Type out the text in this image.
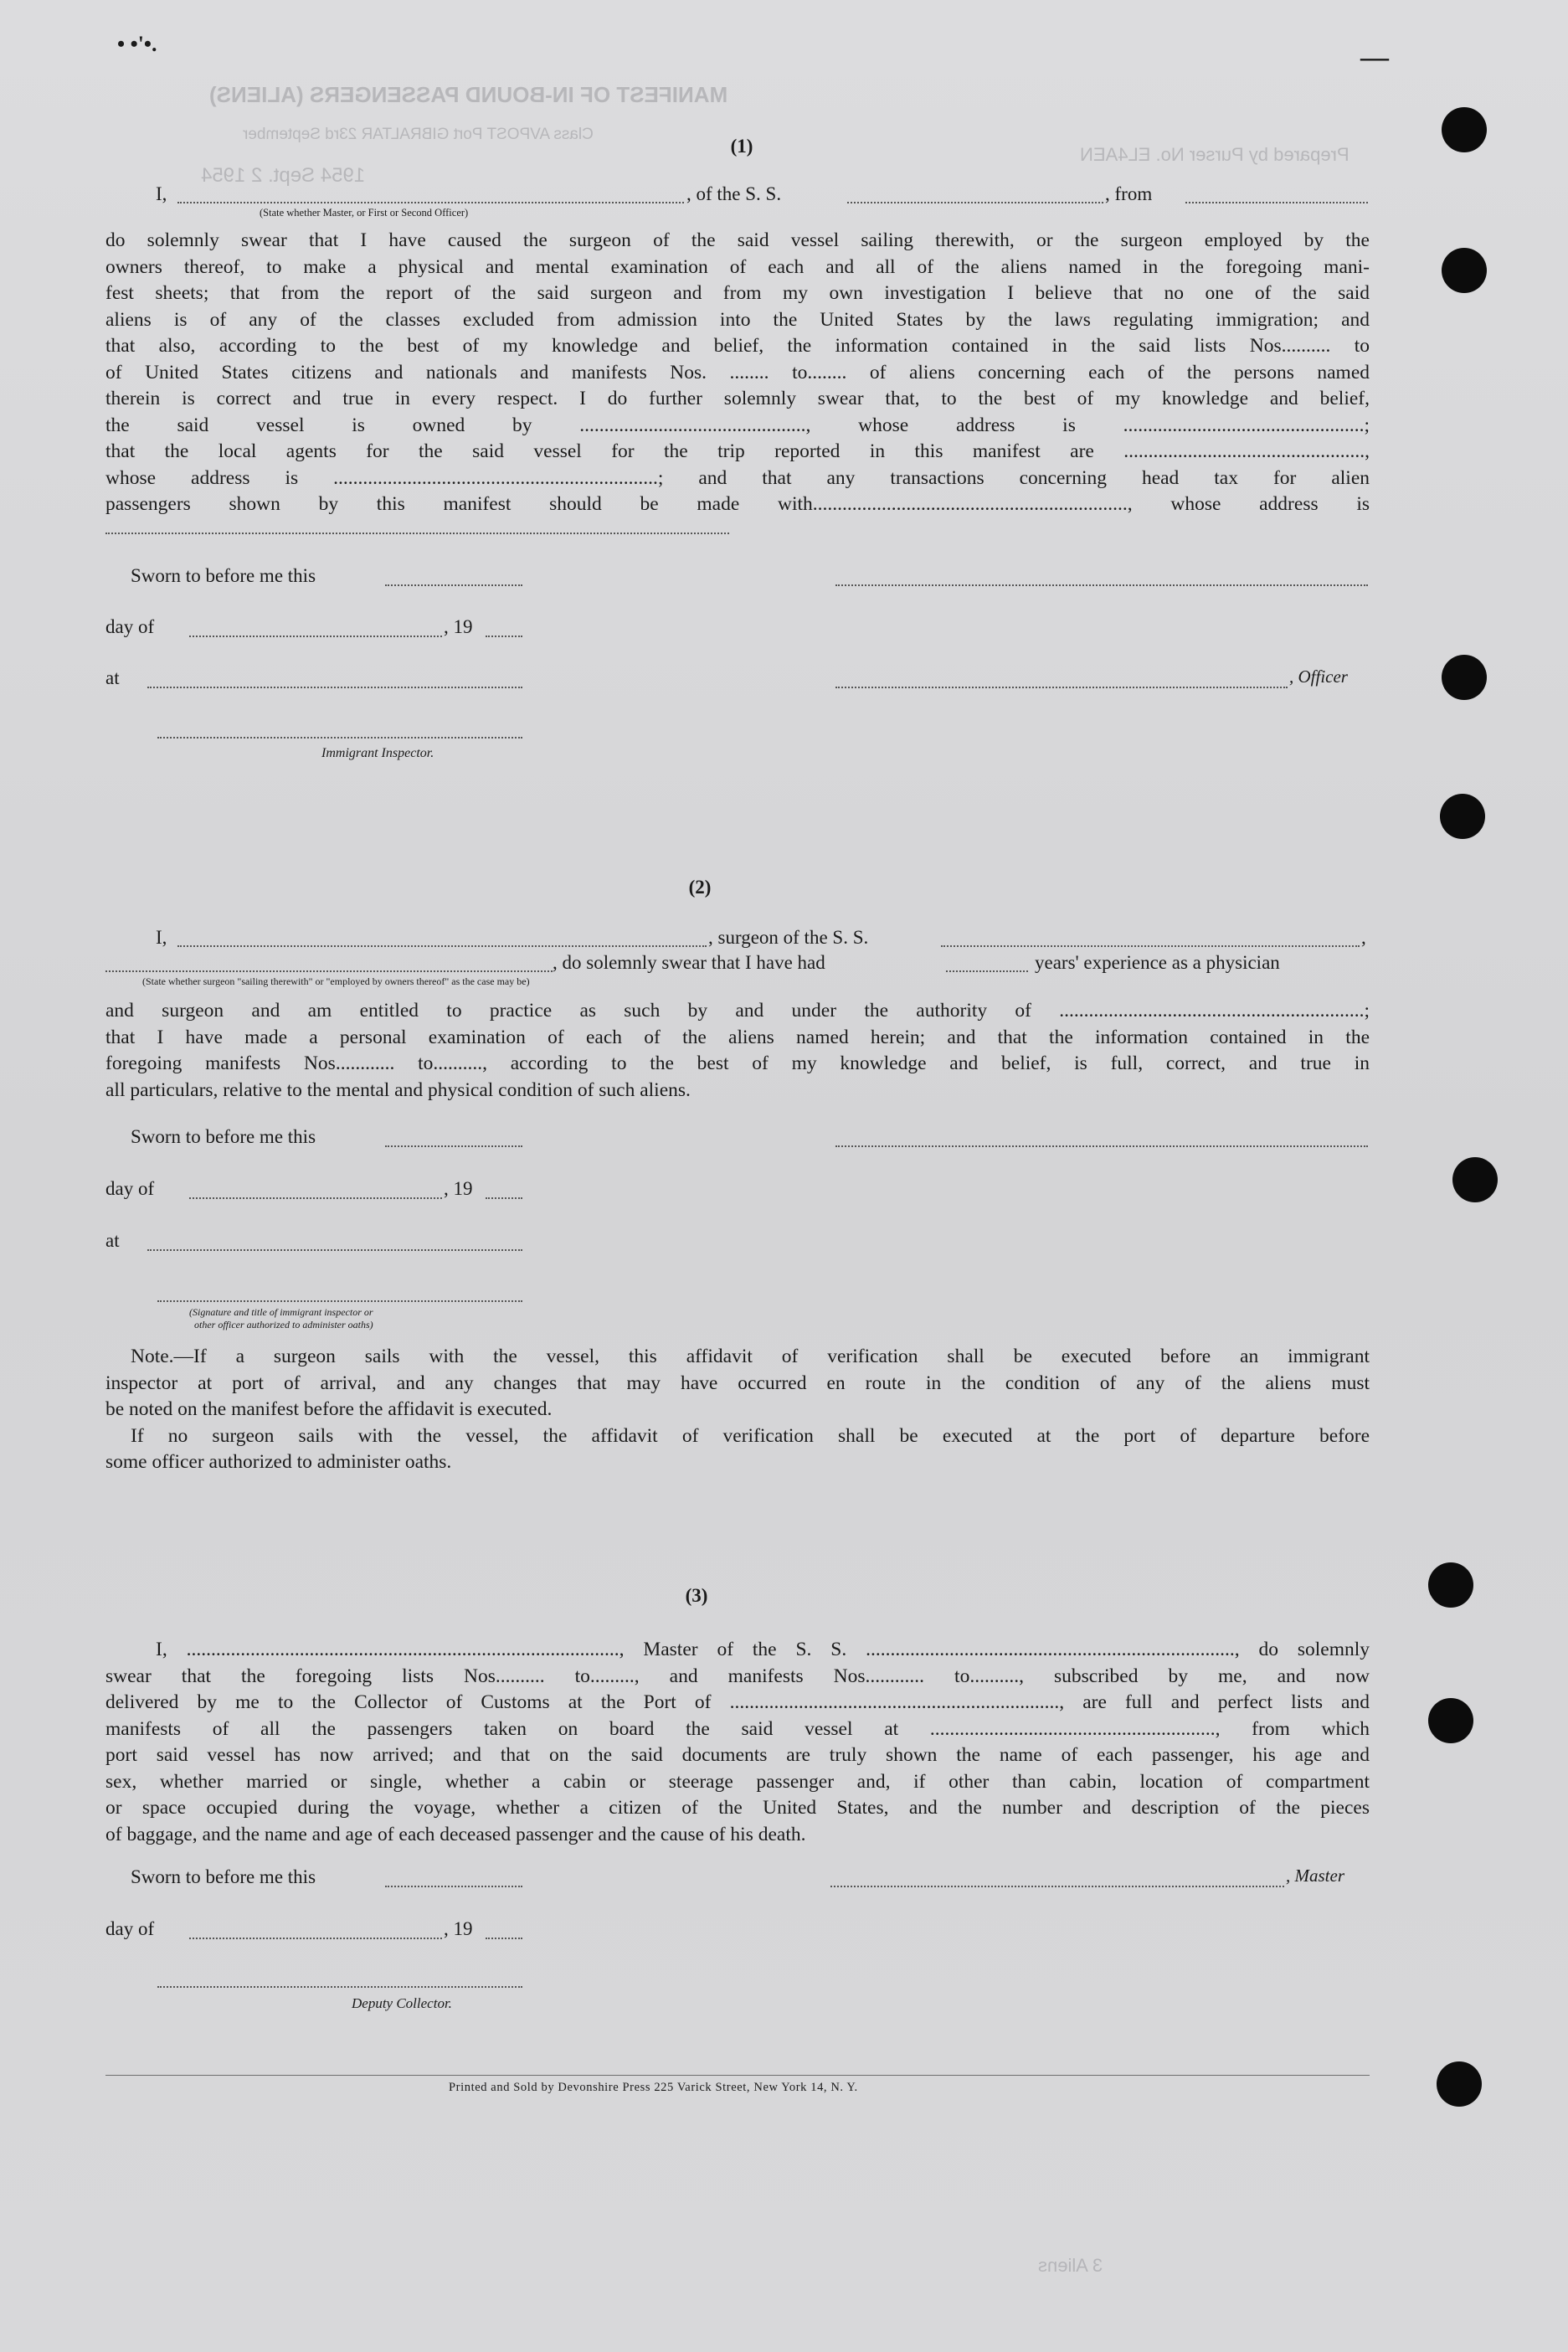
MANIFEST OF IN-BOUND PASSENGERS (ALIENS)
Class AVPOST Port GIBRALTAR 23rd September
Prepared by Purser No. EL4AEN
1954 Sept. 2 1954
3 Aliens
• •'•.	—
(1)
I,	, of the S. S.	, from
(State whether Master, or First or Second Officer)
do solemnly swear that I have caused the surgeon of the said vessel sailing therewith, or the surgeon employed by the
owners thereof, to make a physical and mental examination of each and all of the aliens named in the foregoing mani-
fest sheets; that from the report of the said surgeon and from my own investigation I believe that no one of the said
aliens is of any of the classes excluded from admission into the United States by the laws regulating immigration; and
that also, according to the best of my knowledge and belief, the information contained in the said lists Nos.......... to
of United States citizens and nationals and manifests Nos. ........ to........ of aliens concerning each of the persons named
therein is correct and true in every respect. I do further solemnly swear that, to the best of my knowledge and belief,
the said vessel is owned by .............................................., whose address is .................................................;
that the local agents for the said vessel for the trip reported in this manifest are .................................................,
whose address is ..................................................................; and that any transactions concerning head tax for alien
passengers shown by this manifest should be made with................................................................, whose address is
Sworn to before me this
day of	, 19
at	, Officer
Immigrant Inspector.
(2)
I,	, surgeon of the S. S.	,
, do solemnly swear that I have had	years' experience as a physician
(State whether surgeon "sailing therewith" or "employed by owners thereof" as the case may be)
and surgeon and am entitled to practice as such by and under the authority of ..............................................................;
that I have made a personal examination of each of the aliens named herein; and that the information contained in the
foregoing manifests Nos............ to.........., according to the best of my knowledge and belief, is full, correct, and true in
all particulars, relative to the mental and physical condition of such aliens.
Sworn to before me this
day of	, 19
at
(Signature and title of immigrant inspector or
other officer authorized to administer oaths)
Note.—If a surgeon sails with the vessel, this affidavit of verification shall be executed before an immigrant
inspector at port of arrival, and any changes that may have occurred en route in the condition of any of the aliens must
be noted on the manifest before the affidavit is executed.
If no surgeon sails with the vessel, the affidavit of verification shall be executed at the port of departure before
some officer authorized to administer oaths.
(3)
I, ........................................................................................, Master of the S. S. ..........................................................................., do solemnly
swear that the foregoing lists Nos.......... to........., and manifests Nos............ to.........., subscribed by me, and now
delivered by me to the Collector of Customs at the Port of ..................................................................., are full and perfect lists and
manifests of all the passengers taken on board the said vessel at .........................................................., from which
port said vessel has now arrived; and that on the said documents are truly shown the name of each passenger, his age and
sex, whether married or single, whether a cabin or steerage passenger and, if other than cabin, location of compartment
or space occupied during the voyage, whether a citizen of the United States, and the number and description of the pieces
of baggage, and the name and age of each deceased passenger and the cause of his death.
Sworn to before me this	, Master
day of	, 19
Deputy Collector.
Printed and Sold by Devonshire Press 225 Varick Street, New York 14, N. Y.
